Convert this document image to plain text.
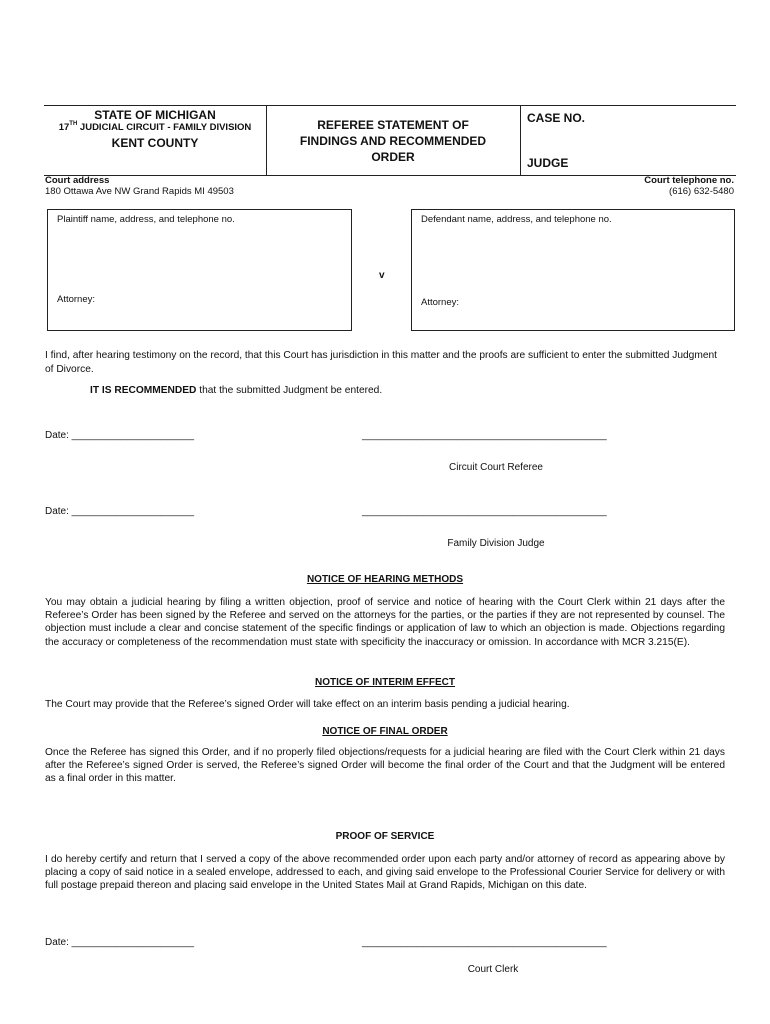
STATE OF MICHIGAN
17TH JUDICIAL CIRCUIT - FAMILY DIVISION
KENT COUNTY
REFEREE STATEMENT OF FINDINGS AND RECOMMENDED ORDER
CASE NO.
JUDGE
Court address
180 Ottawa Ave NW Grand Rapids MI 49503
Court telephone no.
(616) 632-5480
Plaintiff name, address, and telephone no.
Attorney:
v
Defendant name, address, and telephone no.
Attorney:
I find, after hearing testimony on the record, that this Court has jurisdiction in this matter and the proofs are sufficient to enter the submitted Judgment of Divorce.
IT IS RECOMMENDED that the submitted Judgment be entered.
Date: ______________________	____________________________________________
Circuit Court Referee
Date: ______________________	____________________________________________
Family Division Judge
NOTICE OF HEARING METHODS
You may obtain a judicial hearing by filing a written objection, proof of service and notice of hearing with the Court Clerk within 21 days after the Referee’s Order has been signed by the Referee and served on the attorneys for the parties, or the parties if they are not represented by counsel. The objection must include a clear and concise statement of the specific findings or application of law to which an objection is made. Objections regarding the accuracy or completeness of the recommendation must state with specificity the inaccuracy or omission. In accordance with MCR 3.215(E).
NOTICE OF INTERIM EFFECT
The Court may provide that the Referee’s signed Order will take effect on an interim basis pending a judicial hearing.
NOTICE OF FINAL ORDER
Once the Referee has signed this Order, and if no properly filed objections/requests for a judicial hearing are filed with the Court Clerk within 21 days after the Referee’s signed Order is served, the Referee’s signed Order will become the final order of the Court and that the Judgment will be entered as a final order in this matter.
PROOF OF SERVICE
I do hereby certify and return that I served a copy of the above recommended order upon each party and/or attorney of record as appearing above by placing a copy of said notice in a sealed envelope, addressed to each, and giving said envelope to the Professional Courier Service for delivery or with full postage prepaid thereon and placing said envelope in the United States Mail at Grand Rapids, Michigan on this date.
Date: ______________________	____________________________________________
Court Clerk
